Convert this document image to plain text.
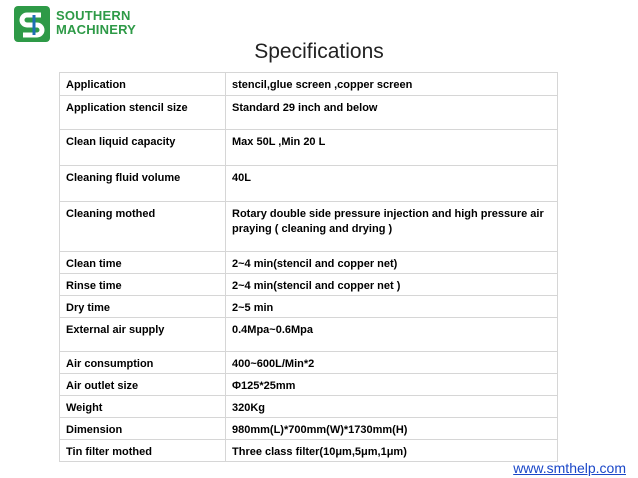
SOUTHERN
MACHINERY
Specifications
Application	stencil,glue screen ,copper screen
Application stencil size	Standard 29 inch and below
Clean liquid capacity	Max 50L ,Min 20 L
Cleaning fluid volume	40L
Cleaning mothed	Rotary double side pressure injection and high pressure air praying ( cleaning and drying )
Clean time	2~4 min(stencil and copper net)
Rinse time	2~4 min(stencil and copper net )
Dry time	2~5 min
External air supply	0.4Mpa~0.6Mpa
Air consumption	400~600L/Min*2
Air outlet size	Φ125*25mm
Weight	320Kg
Dimension	980mm(L)*700mm(W)*1730mm(H)
Tin filter mothed	Three class filter(10μm,5μm,1μm)
www.smthelp.com
